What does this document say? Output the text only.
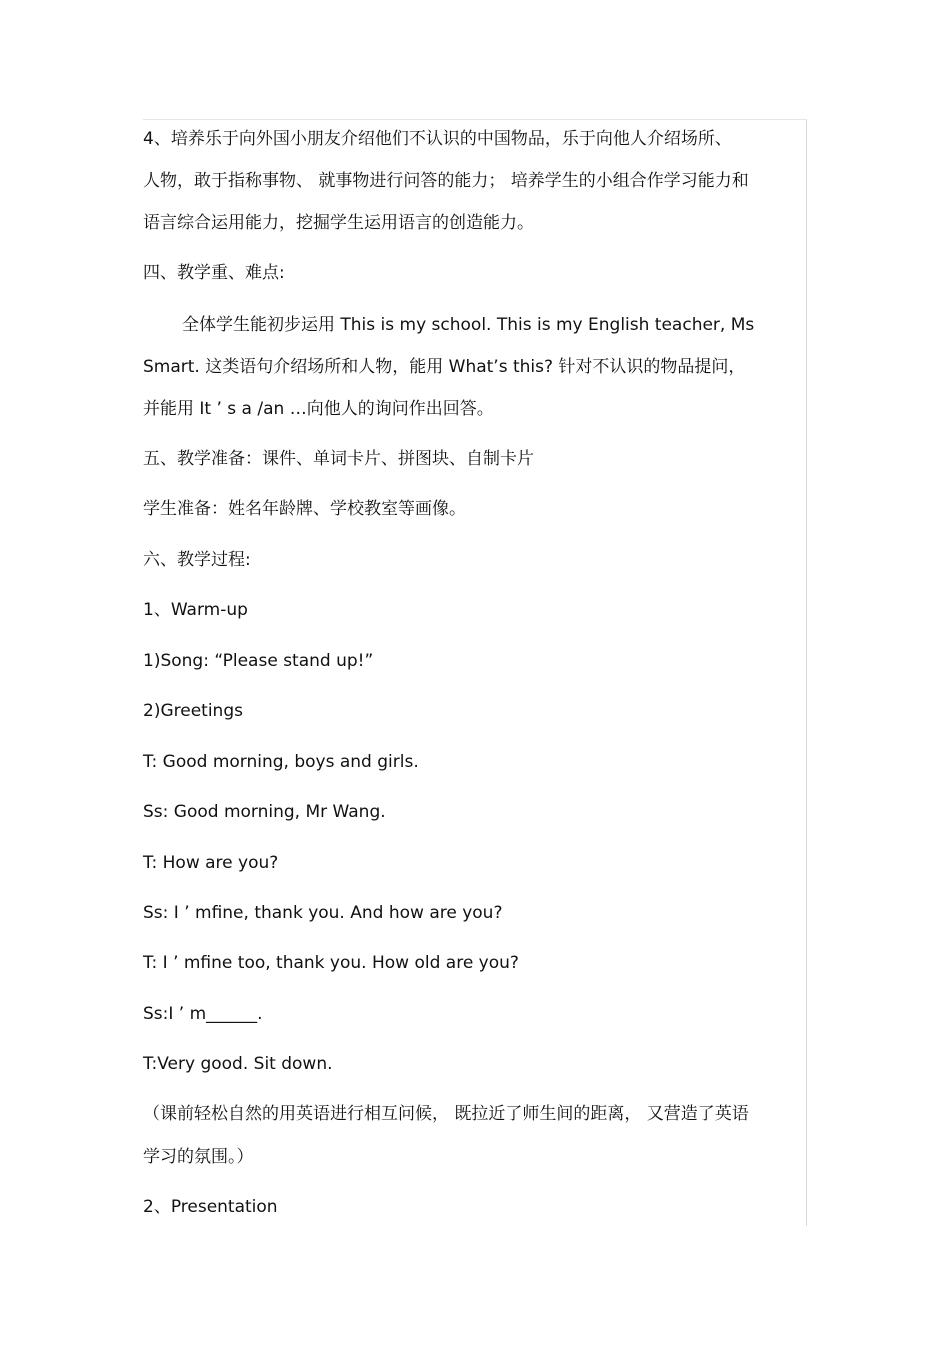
4、培养乐于向外国小朋友介绍他们不认识的中国物品，乐于向他人介绍场所、
人物，敢于指称事物、 就事物进行问答的能力； 培养学生的小组合作学习能力和
语言综合运用能力，挖掘学生运用语言的创造能力。
四、教学重、难点:
全体学生能初步运用 This is my school. This is my English teacher, Ms
Smart. 这类语句介绍场所和人物，能用 What’s this? 针对不认识的物品提问，
并能用 It ’ s a /an …向他人的询问作出回答。
五、教学准备：课件、单词卡片、拼图块、自制卡片
学生准备：姓名年龄牌、学校教室等画像。
六、教学过程:
1、Warm-up
1)Song: “Please stand up!”
2)Greetings
T: Good morning, boys and girls.
Ss: Good morning, Mr Wang.
T: How are you?
Ss: I ’ mfine, thank you. And how are you?
T: I ’ mfine too, thank you. How old are you?
Ss:I ’ m______.
T:Very good. Sit down.
（课前轻松自然的用英语进行相互问候， 既拉近了师生间的距离， 又营造了英语
学习的氛围。）
2、Presentation
